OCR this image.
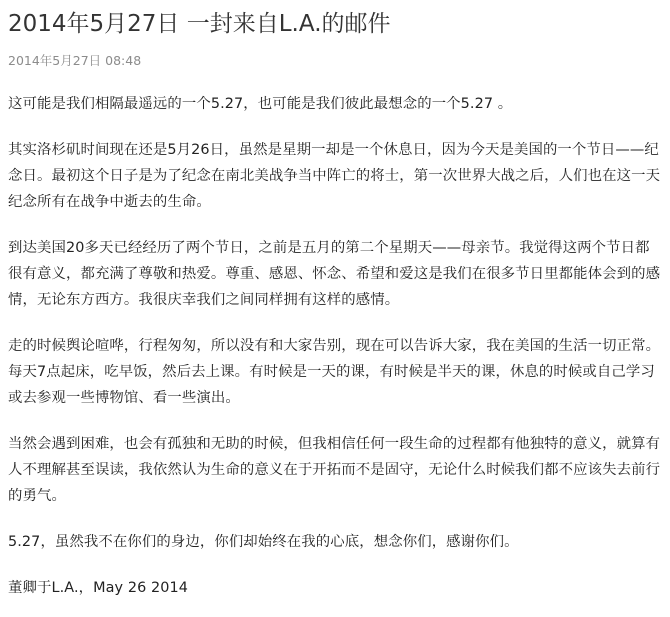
2014年5月27日 一封来自L.A.的邮件
2014年5月27日 08:48

这可能是我们相隔最遥远的一个5.27，也可能是我们彼此最想念的一个5.27 。

其实洛杉矶时间现在还是5月26日，虽然是星期一却是一个休息日，因为今天是美国的一个节日——纪念日。最初这个日子是为了纪念在南北美战争当中阵亡的将士，第一次世界大战之后，人们也在这一天纪念所有在战争中逝去的生命。

到达美国20多天已经经历了两个节日，之前是五月的第二个星期天——母亲节。我觉得这两个节日都很有意义，都充满了尊敬和热爱。尊重、感恩、怀念、希望和爱这是我们在很多节日里都能体会到的感情，无论东方西方。我很庆幸我们之间同样拥有这样的感情。

走的时候舆论喧哗，行程匆匆，所以没有和大家告别，现在可以告诉大家，我在美国的生活一切正常。每天7点起床，吃早饭，然后去上课。有时候是一天的课，有时候是半天的课，休息的时候或自己学习或去参观一些博物馆、看一些演出。

当然会遇到困难，也会有孤独和无助的时候，但我相信任何一段生命的过程都有他独特的意义，就算有人不理解甚至误读，我依然认为生命的意义在于开拓而不是固守，无论什么时候我们都不应该失去前行的勇气。

5.27，虽然我不在你们的身边，你们却始终在我的心底，想念你们，感谢你们。

董卿于L.A.，May 26 2014
